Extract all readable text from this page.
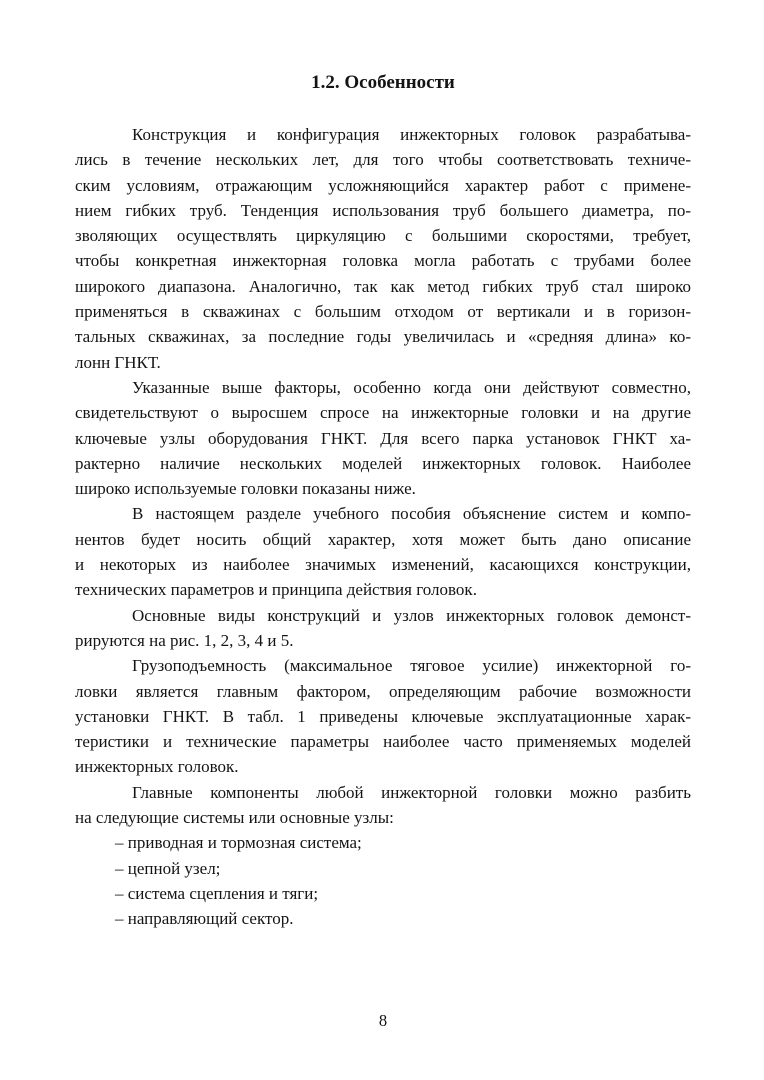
1.2. Особенности
Конструкция и конфигурация инжекторных головок разрабатыва-
лись в течение нескольких лет, для того чтобы соответствовать техниче-
ским условиям, отражающим усложняющийся характер работ с примене-
нием гибких труб. Тенденция использования труб большего диаметра, по-
зволяющих осуществлять циркуляцию с большими скоростями, требует,
чтобы конкретная инжекторная головка могла работать с трубами более
широкого диапазона. Аналогично, так как метод гибких труб стал широко
применяться в скважинах с большим отходом от вертикали и в горизон-
тальных скважинах, за последние годы увеличилась и «средняя длина» ко-
лонн ГНКТ.
Указанные выше факторы, особенно когда они действуют совместно,
свидетельствуют о выросшем спросе на инжекторные головки и на другие
ключевые узлы оборудования ГНКТ. Для всего парка установок ГНКТ ха-
рактерно наличие нескольких моделей инжекторных головок. Наиболее
широко используемые головки показаны ниже.
В настоящем разделе учебного пособия объяснение систем и компо-
нентов будет носить общий характер, хотя может быть дано описание
и некоторых из наиболее значимых изменений, касающихся конструкции,
технических параметров и принципа действия головок.
Основные виды конструкций и узлов инжекторных головок демонст-
рируются на рис. 1, 2, 3, 4 и 5.
Грузоподъемность (максимальное тяговое усилие) инжекторной го-
ловки является главным фактором, определяющим рабочие возможности
установки ГНКТ. В табл. 1 приведены ключевые эксплуатационные харак-
теристики и технические параметры наиболее часто применяемых моделей
инжекторных головок.
Главные компоненты любой инжекторной головки можно разбить
на следующие системы или основные узлы:
– приводная и тормозная система;
– цепной узел;
– система сцепления и тяги;
– направляющий сектор.
8
